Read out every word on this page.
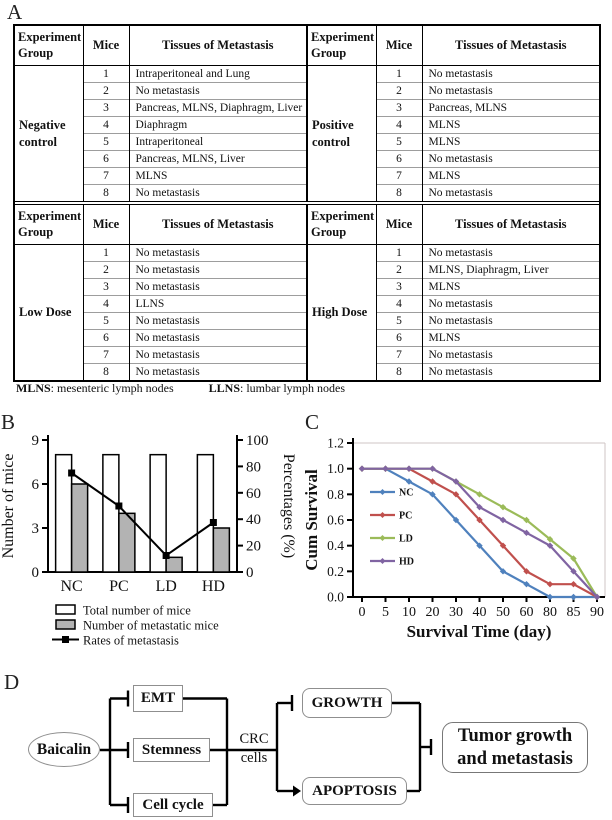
A
Experiment Group	Mice	Tissues of Metastasis
Negative control	1	Intraperitoneal and Lung
	2	No metastasis
	3	Pancreas, MLNS, Diaphragm, Liver
	4	Diaphragm
	5	Intraperitoneal
	6	Pancreas, MLNS, Liver
	7	MLNS
	8	No metastasis
Experiment Group	Mice	Tissues of Metastasis
Positive control	1	No metastasis
	2	No metastasis
	3	Pancreas, MLNS
	4	MLNS
	5	MLNS
	6	No metastasis
	7	MLNS
	8	No metastasis
Experiment Group	Mice	Tissues of Metastasis
Low Dose	1	No metastasis
	2	No metastasis
	3	No metastasis
	4	LLNS
	5	No metastasis
	6	No metastasis
	7	No metastasis
	8	No metastasis
Experiment Group	Mice	Tissues of Metastasis
High Dose	1	No metastasis
	2	MLNS, Diaphragm, Liver
	3	MLNS
	4	No metastasis
	5	No metastasis
	6	MLNS
	7	No metastasis
	8	No metastasis
MLNS: mesenteric lymph nodes	LLNS: lumbar lymph nodes
B
0
3
6
9
0
20
40
60
80
100
NC PC LD HD
Number of mice	Percentages (%)
Total number of mice
Number of metastatic mice
Rates of metastasis
C
0.0
0.2
0.4
0.6
0.8
1.0
1.2
0 5 10 20 30 40 50 60 80 85 90
NC
PC
LD
HD
Cum Survival
Survival Time (day)
D
Baicalin
EMT
Stemness
Cell cycle
CRC cells
GROWTH
APOPTOSIS
Tumor growth and metastasis
